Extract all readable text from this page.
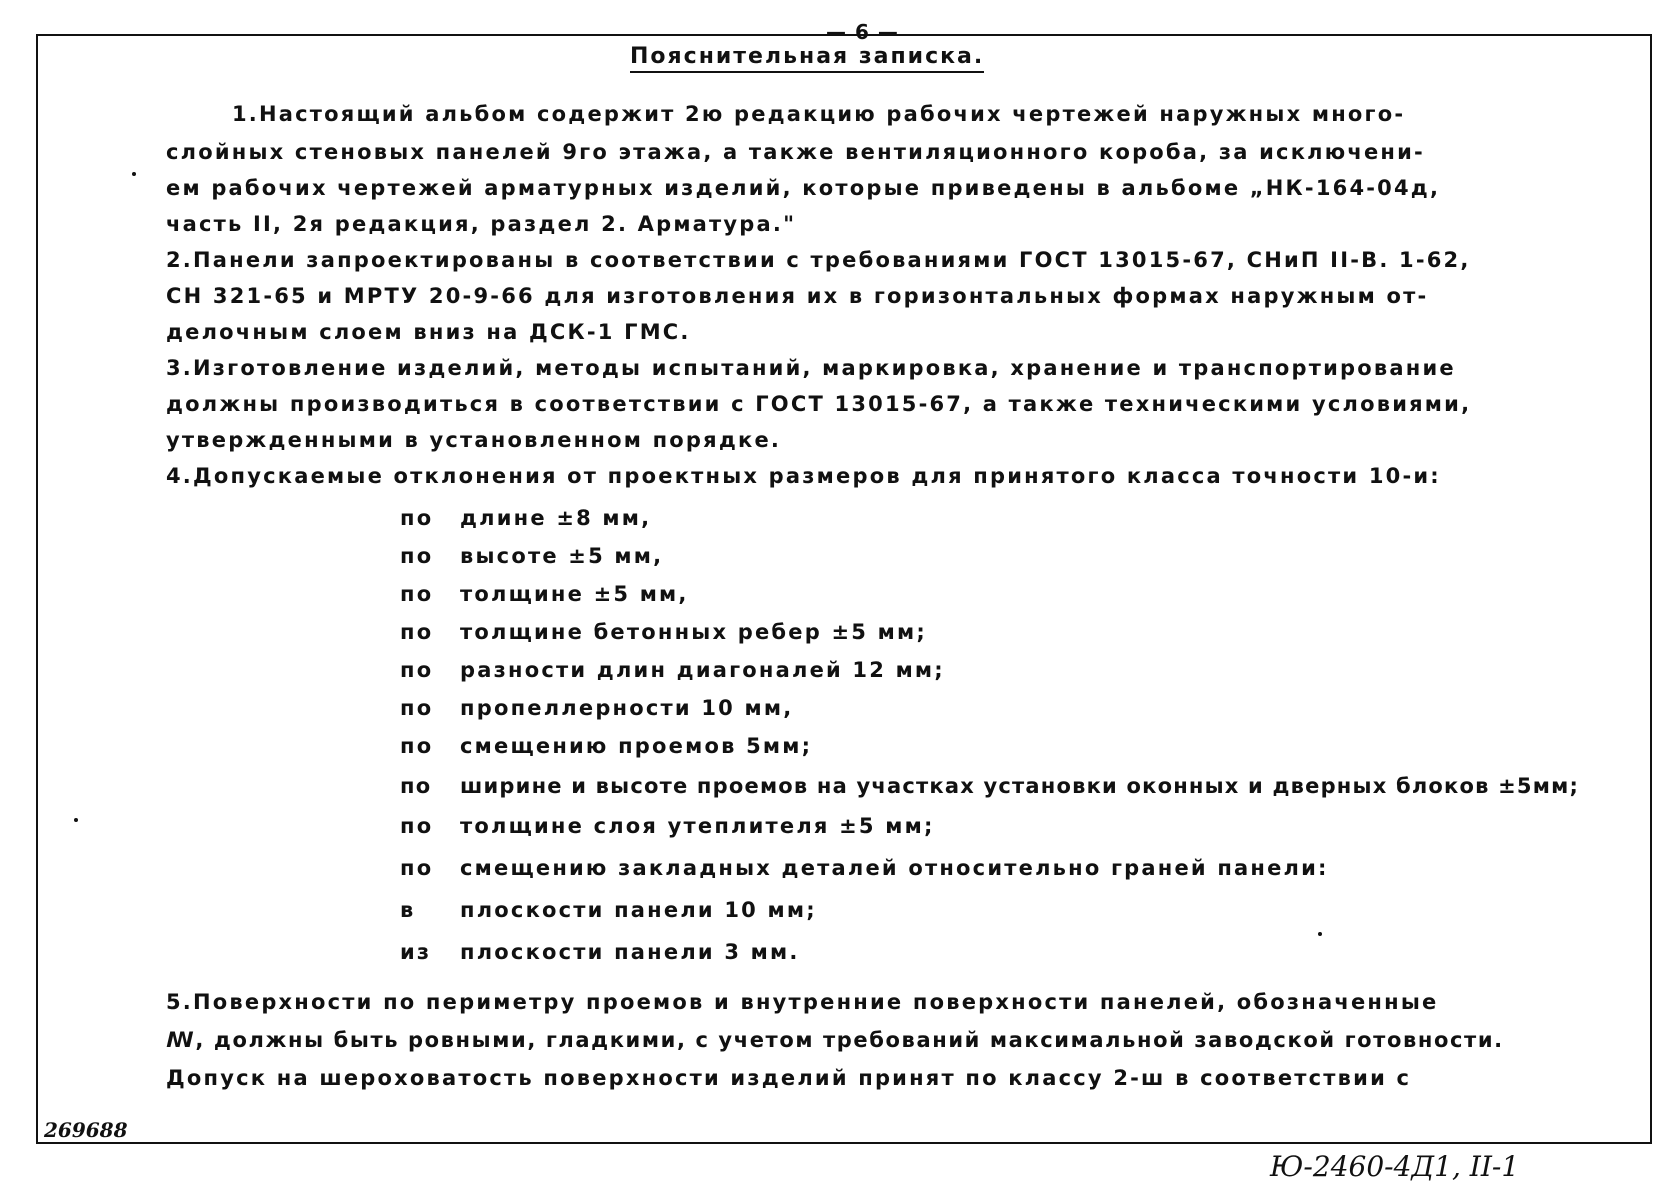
— 6 —
Пояснительная записка.
1.Настоящий альбом содержит 2ю редакцию рабочих чертежей наружных много-
слойных стеновых панелей 9го этажа, а также вентиляционного короба, за исключени-
ем рабочих чертежей арматурных изделий, которые приведены в альбоме „НК-164-04д,
часть II, 2я редакция, раздел 2. Арматура."
2.Панели запроектированы в соответствии с требованиями ГОСТ 13015-67, СНиП II-В. 1-62,
СН 321-65 и МРТУ 20-9-66 для изготовления их в горизонтальных формах наружным от-
делочным слоем вниз на ДСК-1 ГМС.
3.Изготовление изделий, методы испытаний, маркировка, хранение и транспортирование
должны производиться в соответствии с ГОСТ 13015-67, а также техническими условиями,
утвержденными в установленном порядке.
4.Допускаемые отклонения от проектных размеров для принятого класса точности 10-и:
по длине ±8 мм,
по высоте ±5 мм,
по толщине ±5 мм,
по толщине бетонных ребер ±5 мм;
по разности длин диагоналей 12 мм;
по пропеллерности 10 мм,
по смещению проемов 5мм;
по ширине и высоте проемов на участках установки оконных и дверных блоков ±5мм;
по толщине слоя утеплителя ±5 мм;
по смещению закладных деталей относительно граней панели:
в плоскости панели 10 мм;
из плоскости панели 3 мм.
5.Поверхности по периметру проемов и внутренние поверхности панелей, обозначенные
ꟿ, должны быть ровными, гладкими, с учетом требований максимальной заводской готовности.
Допуск на шероховатость поверхности изделий принят по классу 2-ш в соответствии с
269688
Ю-2460-4Д1, II-1
